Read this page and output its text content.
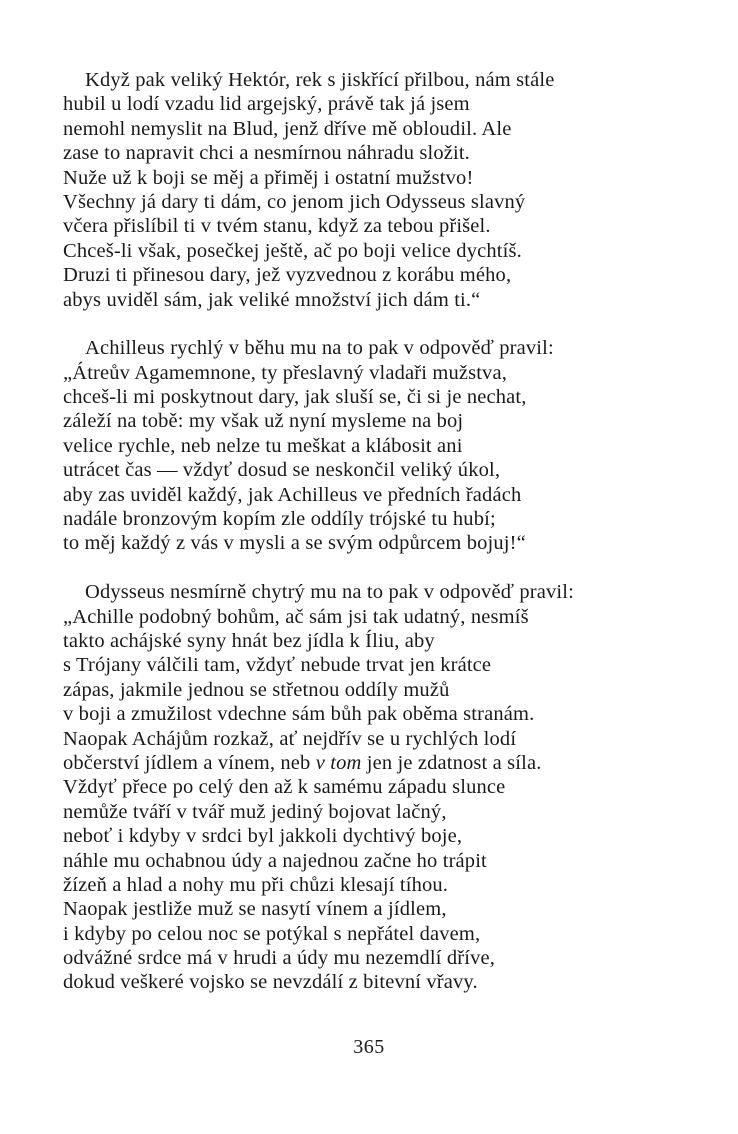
Když pak veliký Hektór, rek s jiskřící přilbou, nám stále
hubil u lodí vzadu lid argejský, právě tak já jsem
nemohl nemyslit na Blud, jenž dříve mě obloudil. Ale
zase to napravit chci a nesmírnou náhradu složit.
Nuže už k boji se měj a přiměj i ostatní mužstvo!
Všechny já dary ti dám, co jenom jich Odysseus slavný
včera přislíbil ti v tvém stanu, když za tebou přišel.
Chceš-li však, posečkej ještě, ač po boji velice dychtíš.
Druzi ti přinesou dary, jež vyzvednou z korábu mého,
abys uviděl sám, jak veliké množství jich dám ti.“
Achilleus rychlý v běhu mu na to pak v odpověď pravil:
„Átreův Agamemnone, ty přeslavný vladaři mužstva,
chceš-li mi poskytnout dary, jak sluší se, či si je nechat,
záleží na tobě: my však už nyní mysleme na boj
velice rychle, neb nelze tu meškat a klábosit ani
utrácet čas — vždyť dosud se neskončil veliký úkol,
aby zas uviděl každý, jak Achilleus ve předních řadách
nadále bronzovým kopím zle oddíly trójské tu hubí;
to měj každý z vás v mysli a se svým odpůrcem bojuj!“
Odysseus nesmírně chytrý mu na to pak v odpověď pravil:
„Achille podobný bohům, ač sám jsi tak udatný, nesmíš
takto achájské syny hnát bez jídla k Íliu, aby
s Trójany válčili tam, vždyť nebude trvat jen krátce
zápas, jakmile jednou se střetnou oddíly mužů
v boji a zmužilost vdechne sám bůh pak oběma stranám.
Naopak Achájům rozkaž, ať nejdřív se u rychlých lodí
občerství jídlem a vínem, neb v tom jen je zdatnost a síla.
Vždyť přece po celý den až k samému západu slunce
nemůže tváří v tvář muž jediný bojovat lačný,
neboť i kdyby v srdci byl jakkoli dychtivý boje,
náhle mu ochabnou údy a najednou začne ho trápit
žízeň a hlad a nohy mu při chůzi klesají tíhou.
Naopak jestliže muž se nasytí vínem a jídlem,
i kdyby po celou noc se potýkal s nepřátel davem,
odvážné srdce má v hrudi a údy mu nezemdlí dříve,
dokud veškeré vojsko se nevzdálí z bitevní vřavy.
365
